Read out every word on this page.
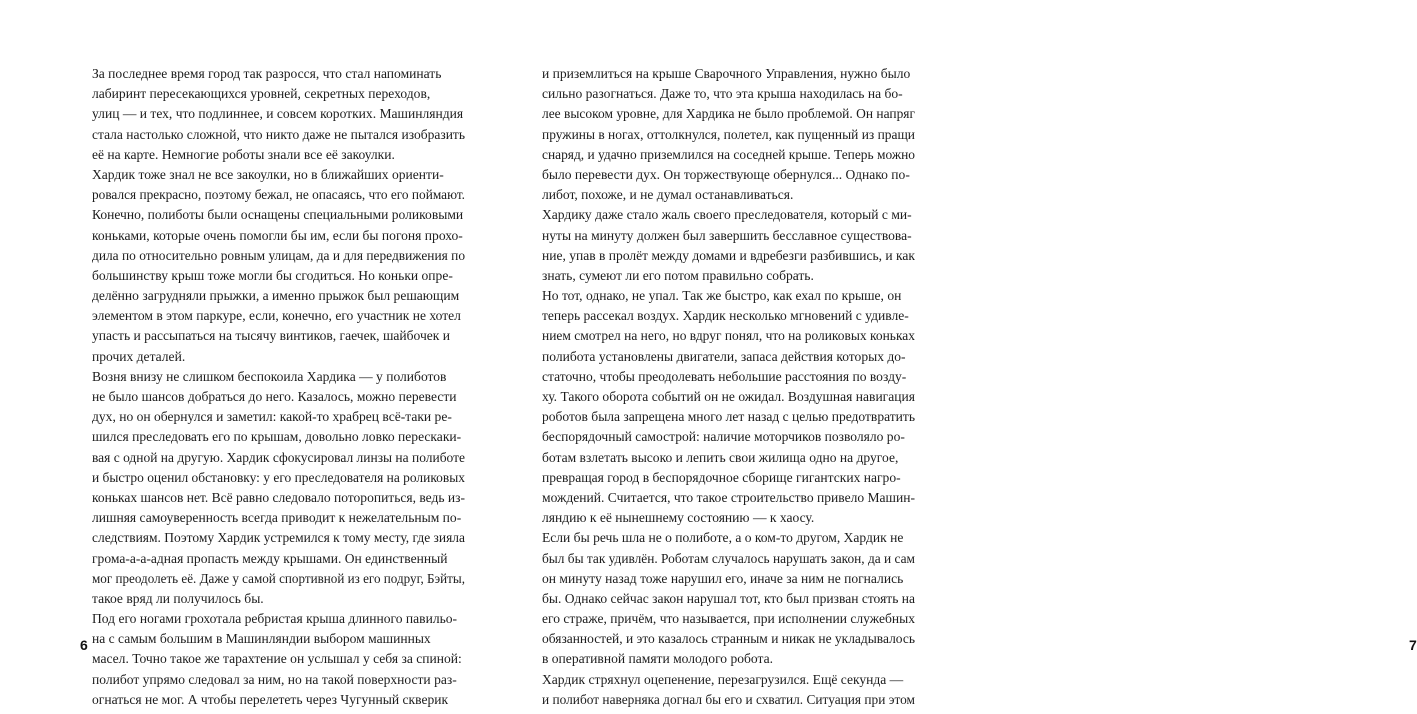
За последнее время город так разросся, что стал напоминать
лабиринт пересекающихся уровней, секретных переходов,
улиц — и тех, что подлиннее, и совсем коротких. Машинляндия
стала настолько сложной, что никто даже не пытался изобразить
её на карте. Немногие роботы знали все её закоулки.
Хардик тоже знал не все закоулки, но в ближайших ориенти-
ровался прекрасно, поэтому бежал, не опасаясь, что его поймают.
Конечно, полиботы были оснащены специальными роликовыми
коньками, которые очень помогли бы им, если бы погоня прохо-
дила по относительно ровным улицам, да и для передвижения по
большинству крыш тоже могли бы сгодиться. Но коньки опре-
делённо загрудняли прыжки, а именно прыжок был решающим
элементом в этом паркуре, если, конечно, его участник не хотел
упасть и рассыпаться на тысячу винтиков, гаечек, шайбочек и
прочих деталей.
Возня внизу не слишком беспокоила Хардика — у полиботов
не было шансов добраться до него. Казалось, можно перевести
дух, но он обернулся и заметил: какой-то храбрец всё-таки ре-
шился преследовать его по крышам, довольно ловко перескаки-
вая с одной на другую. Хардик сфокусировал линзы на полиботе
и быстро оценил обстановку: у его преследователя на роликовых
коньках шансов нет. Всё равно следовало поторопиться, ведь из-
лишняя самоуверенность всегда приводит к нежелательным по-
следствиям. Поэтому Хардик устремился к тому месту, где зияла
грома-а-а-адная пропасть между крышами. Он единственный
мог преодолеть её. Даже у самой спортивной из его подруг, Бэйты,
такое вряд ли получилось бы.
Под его ногами грохотала ребристая крыша длинного павильо-
на с самым большим в Машинляндии выбором машинных
масел. Точно такое же тарахтение он услышал у себя за спиной:
полибот упрямо следовал за ним, но на такой поверхности раз-
огнаться не мог. А чтобы перелететь через Чугунный скверик
6
и приземлиться на крыше Сварочного Управления, нужно было
сильно разогнаться. Даже то, что эта крыша находилась на бо-
лее высоком уровне, для Хардика не было проблемой. Он напряг
пружины в ногах, оттолкнулся, полетел, как пущенный из пращи
снаряд, и удачно приземлился на соседней крыше. Теперь можно
было перевести дух. Он торжествующе обернулся... Однако по-
либот, похоже, и не думал останавливаться.
Хардику даже стало жаль своего преследователя, который с ми-
нуты на минуту должен был завершить бесславное существова-
ние, упав в пролёт между домами и вдребезги разбившись, и как
знать, сумеют ли его потом правильно собрать.
Но тот, однако, не упал. Так же быстро, как ехал по крыше, он
теперь рассекал воздух. Хардик несколько мгновений с удивле-
нием смотрел на него, но вдруг понял, что на роликовых коньках
полибота установлены двигатели, запаса действия которых до-
статочно, чтобы преодолевать небольшие расстояния по возду-
ху. Такого оборота событий он не ожидал. Воздушная навигация
роботов была запрещена много лет назад с целью предотвратить
беспорядочный самострой: наличие моторчиков позволяло ро-
ботам взлетать высоко и лепить свои жилища одно на другое,
превращая город в беспорядочное сборище гигантских нагро-
мождений. Считается, что такое строительство привело Машин-
ляндию к её нынешнему состоянию — к хаосу.
Если бы речь шла не о полиботе, а о ком-то другом, Хардик не
был бы так удивлён. Роботам случалось нарушать закон, да и сам
он минуту назад тоже нарушил его, иначе за ним не погнались
бы. Однако сейчас закон нарушал тот, кто был призван стоять на
его страже, причём, что называется, при исполнении служебных
обязанностей, и это казалось странным и никак не укладывалось
в оперативной памяти молодого робота.
Хардик стряхнул оцепенение, перезагрузился. Ещё секунда —
и полибот наверняка догнал бы его и схватил. Ситуация при этом
7
